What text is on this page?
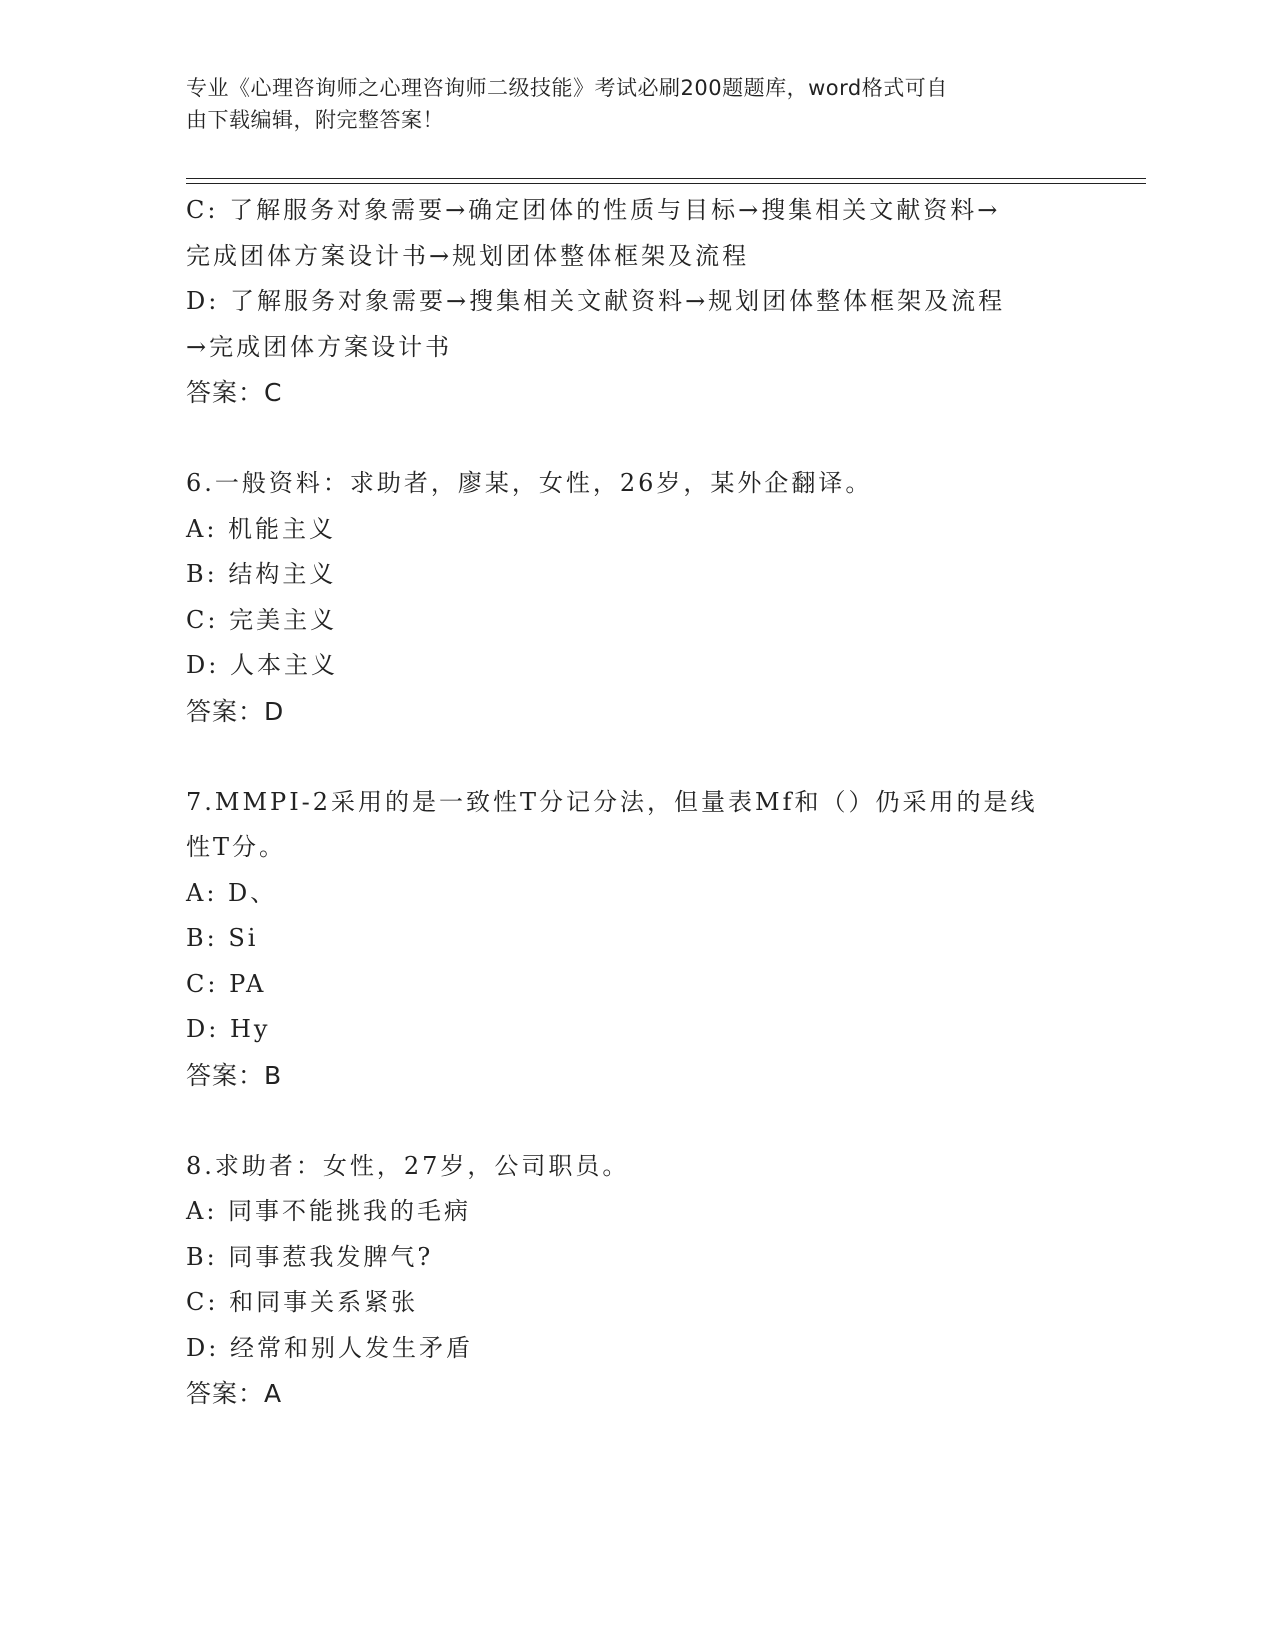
专业《心理咨询师之心理咨询师二级技能》考试必刷200题题库，word格式可自
由下载编辑，附完整答案！
C: 了解服务对象需要→确定团体的性质与目标→搜集相关文献资料→
完成团体方案设计书→规划团体整体框架及流程
D: 了解服务对象需要→搜集相关文献资料→规划团体整体框架及流程
→完成团体方案设计书
答案：C
6.一般资料：求助者，廖某，女性，26岁，某外企翻译。
A: 机能主义
B: 结构主义
C: 完美主义
D: 人本主义
答案：D
7.MMPI-2采用的是一致性T分记分法，但量表Mf和（）仍采用的是线
性T分。
A: D、
B: Si
C: PA
D: Hy
答案：B
8.求助者：女性，27岁，公司职员。
A: 同事不能挑我的毛病
B: 同事惹我发脾气?
C: 和同事关系紧张
D: 经常和别人发生矛盾
答案：A
